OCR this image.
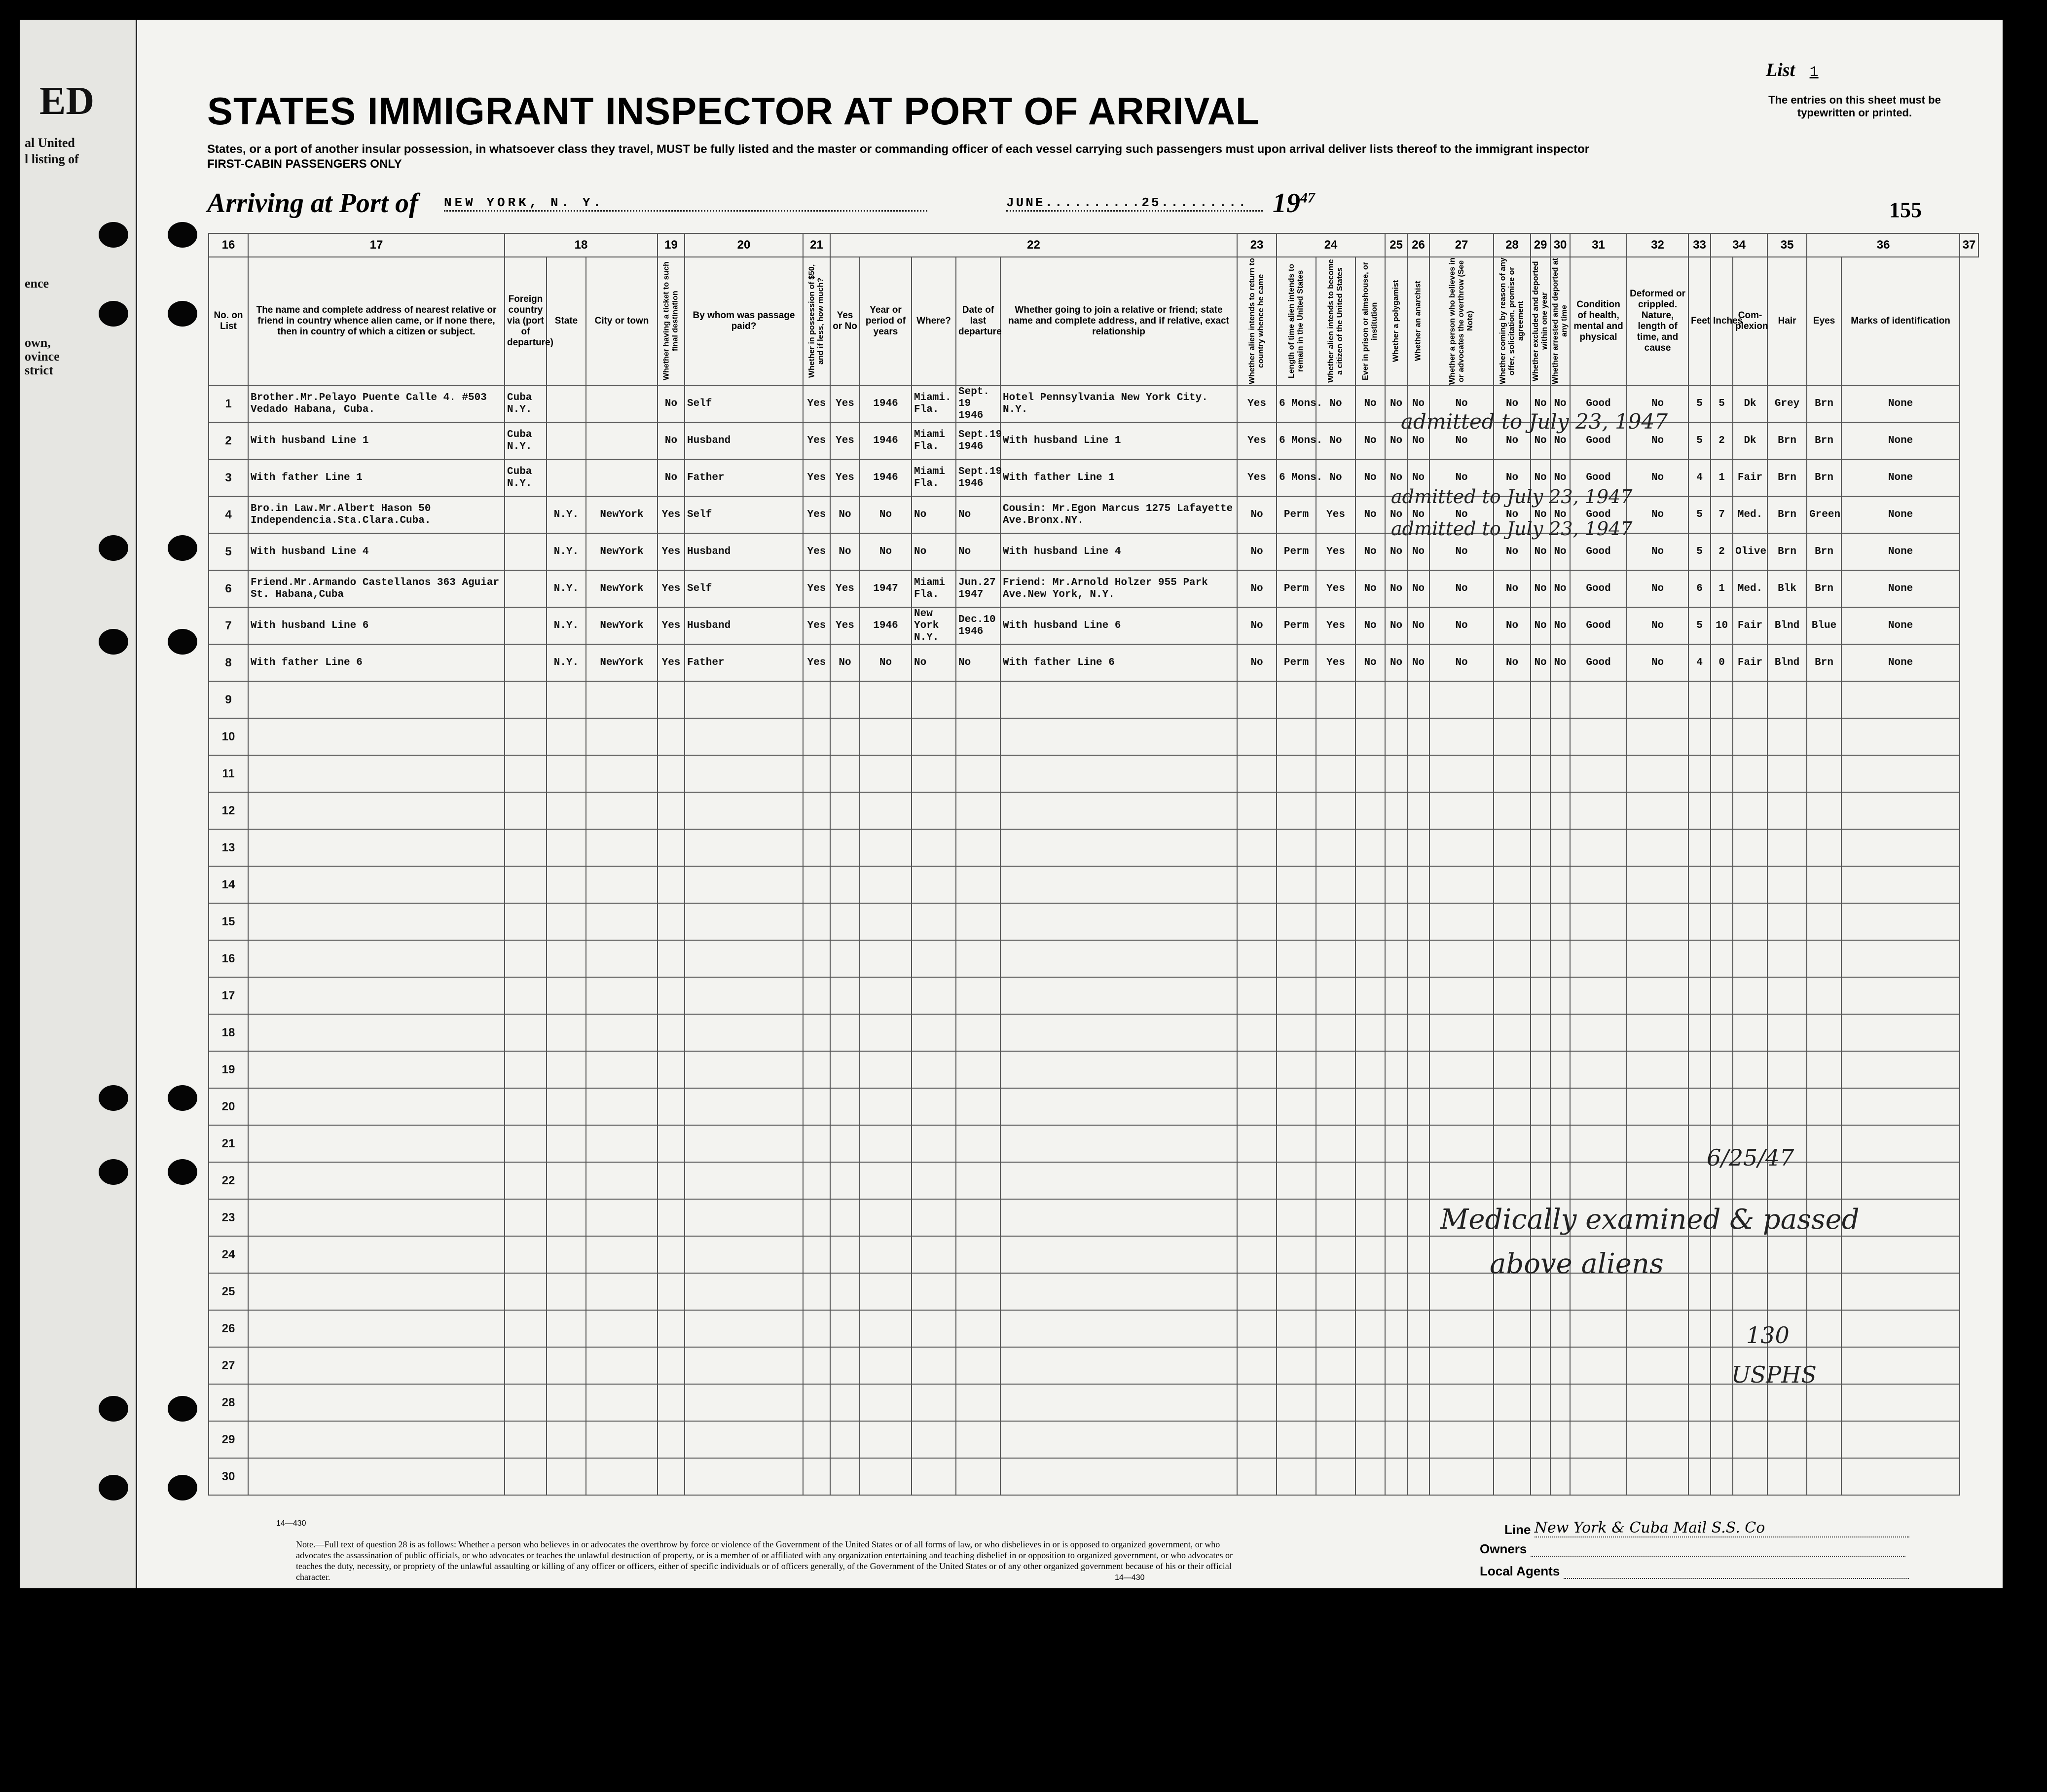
ED
al United
l listing of
ence
own,
ovince
strict
List 1
The entries on this sheet must be typewritten or printed.
STATES IMMIGRANT INSPECTOR AT PORT OF ARRIVAL
States, or a port of another insular possession, in whatsoever class they travel, MUST be fully listed and the master or commanding officer of each vessel carrying such passengers must upon arrival deliver lists thereof to the immigrant inspector
FIRST-CABIN PASSENGERS ONLY
Arriving at Port of NEW YORK, N. Y.	JUNE..........25......... $19^{47}$
155
16	17	18			19	20	21	22					23	24			25	26	27	28	29	30	31	32	33	34		35	36		37
No. on List	The name and complete address of nearest relative or friend in country whence alien came, or if none there, then in country of which a citizen or subject.	Foreign country via (port of departure)	State	City or town	Whether having a ticket to such final destination	By whom was passage paid?	Whether in possession of $50, and if less, how much?	Yes or No	Year or period of years	Where?	Date of last departure	Whether going to join a relative or friend; state name and complete address, and if relative, exact relationship	Whether alien intends to return to country whence he came	Length of time alien intends to remain in the United States	Whether alien intends to become a citizen of the United States	Ever in prison or almshouse, or institution	Whether a polygamist	Whether an anarchist	Whether a person who believes in or advocates the overthrow (See Note)	Whether coming by reason of any offer, solicitation, promise or agreement	Whether excluded and deported within one year	Whether arrested and deported at any time	Condition of health, mental and physical	Deformed or crippled. Nature, length of time, and cause	Feet	Inches	Com-plexion	Hair	Eyes	Marks of identification	
1	Brother.Mr.Pelayo Puente Calle 4. #503 Vedado Habana, Cuba.	Cuba N.Y.			No	Self	Yes	Yes	1946	Miami. Fla.	Sept. 19 1946	Hotel Pennsylvania New York City. N.Y.	Yes	6 Mons.	No	No	No	No	No	No	No	No	Good	No	5	5	Dk	Grey	Brn	None	
2	With husband Line 1	Cuba N.Y.			No	Husband	Yes	Yes	1946	Miami Fla.	Sept.19 1946	With husband Line 1	Yes	6 Mons.	No	No	No	No	No	No	No	No	Good	No	5	2	Dk	Brn	Brn	None	
3	With father Line 1	Cuba N.Y.			No	Father	Yes	Yes	1946	Miami Fla.	Sept.19 1946	With father Line 1	Yes	6 Mons.	No	No	No	No	No	No	No	No	Good	No	4	1	Fair	Brn	Brn	None	
4	Bro.in Law.Mr.Albert Hason 50 Independencia.Sta.Clara.Cuba.		N.Y.	NewYork	Yes	Self	Yes	No	No	No	No	Cousin: Mr.Egon Marcus 1275 Lafayette Ave.Bronx.NY.	No	Perm	Yes	No	No	No	No	No	No	No	Good	No	5	7	Med.	Brn	Green	None	
5	With husband Line 4		N.Y.	NewYork	Yes	Husband	Yes	No	No	No	No	With husband Line 4	No	Perm	Yes	No	No	No	No	No	No	No	Good	No	5	2	Olive	Brn	Brn	None	
6	Friend.Mr.Armando Castellanos 363 Aguiar St. Habana,Cuba		N.Y.	NewYork	Yes	Self	Yes	Yes	1947	Miami Fla.	Jun.27 1947	Friend: Mr.Arnold Holzer 955 Park Ave.New York, N.Y.	No	Perm	Yes	No	No	No	No	No	No	No	Good	No	6	1	Med.	Blk	Brn	None	
7	With husband Line 6		N.Y.	NewYork	Yes	Husband	Yes	Yes	1946	New York N.Y.	Dec.10 1946	With husband Line 6	No	Perm	Yes	No	No	No	No	No	No	No	Good	No	5	10	Fair	Blnd	Blue	None	
8	With father Line 6		N.Y.	NewYork	Yes	Father	Yes	No	No	No	No	With father Line 6	No	Perm	Yes	No	No	No	No	No	No	No	Good	No	4	0	Fair	Blnd	Brn	None	
9																															
10																															
11																															
12																															
13																															
14																															
15																															
16																															
17																															
18																															
19																															
20																															
21																															
22																															
23																															
24																															
25																															
26																															
27																															
28																															
29																															
30																															
admitted to July 23, 1947
admitted to July 23, 1947
admitted to July 23, 1947
6/25/47
Medically examined & passed
above aliens
130
USPHS
Note.—Full text of question 28 is as follows: Whether a person who believes in or advocates the overthrow by force or violence of the Government of the United States or of all forms of law, or who disbelieves in or is opposed to organized government, or who advocates the assassination of public officials, or who advocates or teaches the unlawful destruction of property, or is a member of or affiliated with any organization entertaining and teaching disbelief in or opposition to organized government, or who advocates or teaches the duty, necessity, or propriety of the unlawful assaulting or killing of any officer or officers, either of specific individuals or of officers generally, of the Government of the United States or of any other organized government because of his or their official character.
14—430
14—430
Line New York & Cuba Mail S.S. Co
Owners
Local Agents
